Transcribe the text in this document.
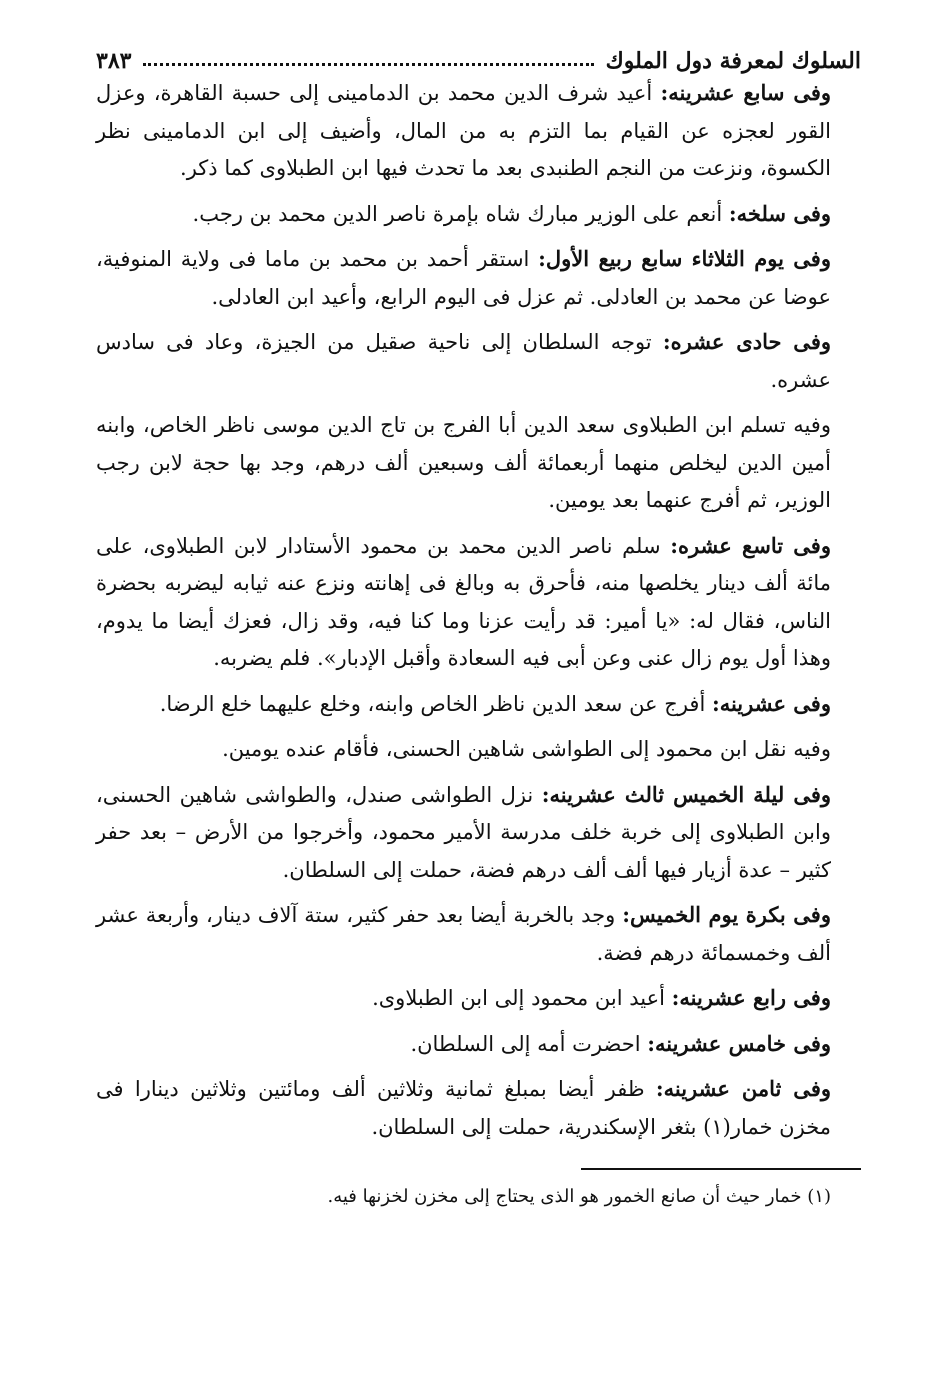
السلوك لمعرفة دول الملوك
٣٨٣

وفى سابع عشرينه: أعيد شرف الدين محمد بن الدمامينى إلى حسبة القاهرة، وعزل القور لعجزه عن القيام بما التزم به من المال، وأضيف إلى ابن الدمامينى نظر الكسوة، ونزعت من النجم الطنبدى بعد ما تحدث فيها ابن الطبلاوى كما ذكر.

وفى سلخه: أنعم على الوزير مبارك شاه بإمرة ناصر الدين محمد بن رجب.

وفى يوم الثلاثاء سابع ربيع الأول: استقر أحمد بن محمد بن ماما فى ولاية المنوفية، عوضا عن محمد بن العادلى. ثم عزل فى اليوم الرابع، وأعيد ابن العادلى.

وفى حادى عشره: توجه السلطان إلى ناحية صقيل من الجيزة، وعاد فى سادس عشره.

وفيه تسلم ابن الطبلاوى سعد الدين أبا الفرج بن تاج الدين موسى ناظر الخاص، وابنه أمين الدين ليخلص منهما أربعمائة ألف وسبعين ألف درهم، وجد بها حجة لابن رجب الوزير، ثم أفرج عنهما بعد يومين.

وفى تاسع عشره: سلم ناصر الدين محمد بن محمود الأستادار لابن الطبلاوى، على مائة ألف دينار يخلصها منه، فأحرق به وبالغ فى إهانته ونزع عنه ثيابه ليضربه بحضرة الناس، فقال له: «يا أمير: قد رأيت عزنا وما كنا فيه، وقد زال، فعزك أيضا ما يدوم، وهذا أول يوم زال عنى وعن أبى فيه السعادة وأقبل الإدبار». فلم يضربه.

وفى عشرينه: أفرج عن سعد الدين ناظر الخاص وابنه، وخلع عليهما خلع الرضا.

وفيه نقل ابن محمود إلى الطواشى شاهين الحسنى، فأقام عنده يومين.

وفى ليلة الخميس ثالث عشرينه: نزل الطواشى صندل، والطواشى شاهين الحسنى، وابن الطبلاوى إلى خربة خلف مدرسة الأمير محمود، وأخرجوا من الأرض – بعد حفر كثير – عدة أزيار فيها ألف ألف درهم فضة، حملت إلى السلطان.

وفى بكرة يوم الخميس: وجد بالخربة أيضا بعد حفر كثير، ستة آلاف دينار، وأربعة عشر ألف وخمسمائة درهم فضة.

وفى رابع عشرينه: أعيد ابن محمود إلى ابن الطبلاوى.

وفى خامس عشرينه: احضرت أمه إلى السلطان.

وفى ثامن عشرينه: ظفر أيضا بمبلغ ثمانية وثلاثين ألف ومائتين وثلاثين دينارا فى مخزن خمار(١) بثغر الإسكندرية، حملت إلى السلطان.

(١) خمار حيث أن صانع الخمور هو الذى يحتاج إلى مخزن لخزنها فيه.
